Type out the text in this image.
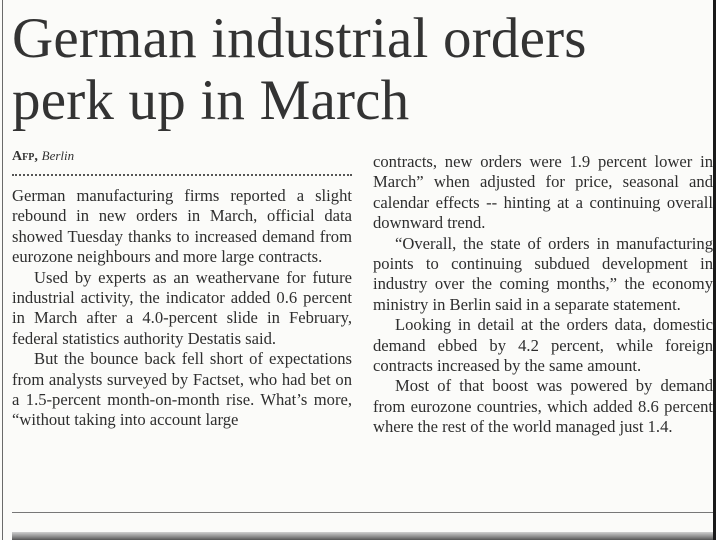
German industrial orders
perk up in March
Afp, Berlin

German manufacturing firms reported a slight rebound in new orders in March, official data showed Tuesday thanks to increased demand from eurozone neighbours and more large contracts.

Used by experts as an weathervane for future industrial activity, the indicator added 0.6 percent in March after a 4.0-percent slide in February, federal statistics authority Destatis said.

But the bounce back fell short of expectations from analysts surveyed by Factset, who had bet on a 1.5-percent month-on-month rise. What’s more, “without taking into account large

contracts, new orders were 1.9 percent lower in March” when adjusted for price, seasonal and calendar effects -- hinting at a continuing overall downward trend.

“Overall, the state of orders in manufacturing points to continuing subdued development in industry over the coming months,” the economy ministry in Berlin said in a separate statement.

Looking in detail at the orders data, domestic demand ebbed by 4.2 percent, while foreign contracts increased by the same amount.

Most of that boost was powered by demand from eurozone countries, which added 8.6 percent where the rest of the world managed just 1.4.
